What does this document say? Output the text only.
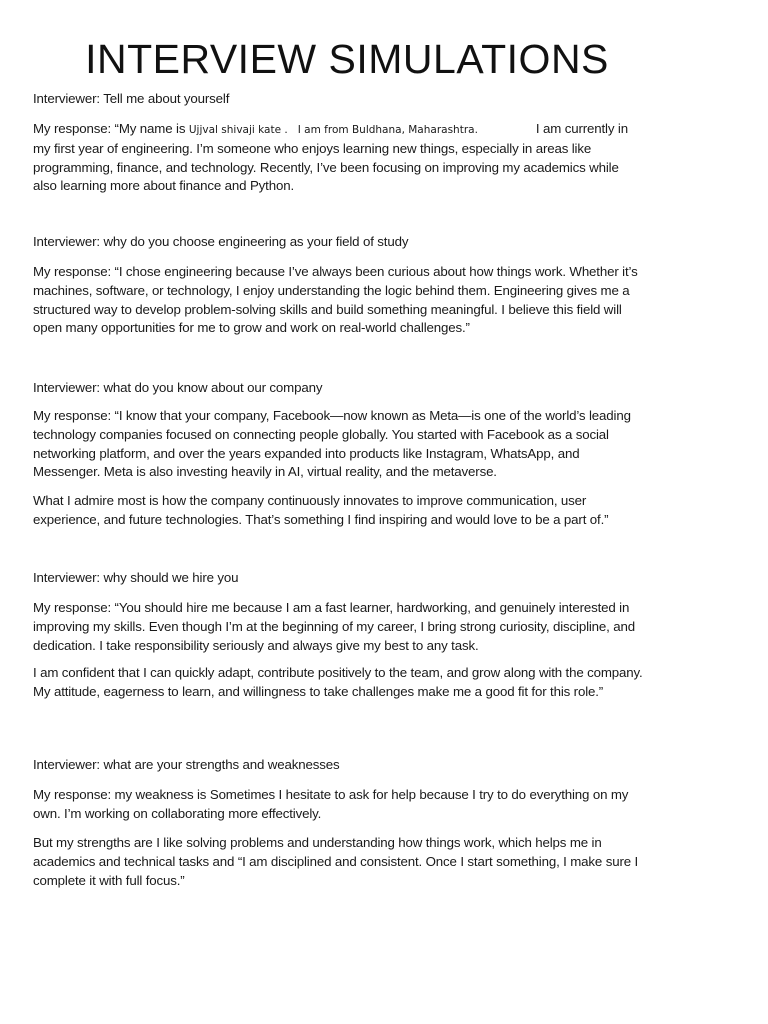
INTERVIEW SIMULATIONS

Interviewer: Tell me about yourself

My response: “My name is Ujjval shivaji kate . I am from Buldhana, Maharashtra.	I am currently in my first year of engineering. I’m someone who enjoys learning new things, especially in areas like programming, finance, and technology. Recently, I’ve been focusing on improving my academics while also learning more about finance and Python.

Interviewer: why do you choose engineering as your field of study

My response: “I chose engineering because I’ve always been curious about how things work. Whether it’s machines, software, or technology, I enjoy understanding the logic behind them. Engineering gives me a structured way to develop problem-solving skills and build something meaningful. I believe this field will open many opportunities for me to grow and work on real-world challenges.”

Interviewer: what do you know about our company

My response: “I know that your company, Facebook—now known as Meta—is one of the world’s leading technology companies focused on connecting people globally. You started with Facebook as a social networking platform, and over the years expanded into products like Instagram, WhatsApp, and Messenger. Meta is also investing heavily in AI, virtual reality, and the metaverse.

What I admire most is how the company continuously innovates to improve communication, user experience, and future technologies. That’s something I find inspiring and would love to be a part of.”

Interviewer: why should we hire you

My response: “You should hire me because I am a fast learner, hardworking, and genuinely interested in improving my skills. Even though I’m at the beginning of my career, I bring strong curiosity, discipline, and dedication. I take responsibility seriously and always give my best to any task.

I am confident that I can quickly adapt, contribute positively to the team, and grow along with the company. My attitude, eagerness to learn, and willingness to take challenges make me a good fit for this role.”

Interviewer: what are your strengths and weaknesses

My response: my weakness is Sometimes I hesitate to ask for help because I try to do everything on my own. I’m working on collaborating more effectively.

But my strengths are I like solving problems and understanding how things work, which helps me in academics and technical tasks and “I am disciplined and consistent. Once I start something, I make sure I complete it with full focus.”
